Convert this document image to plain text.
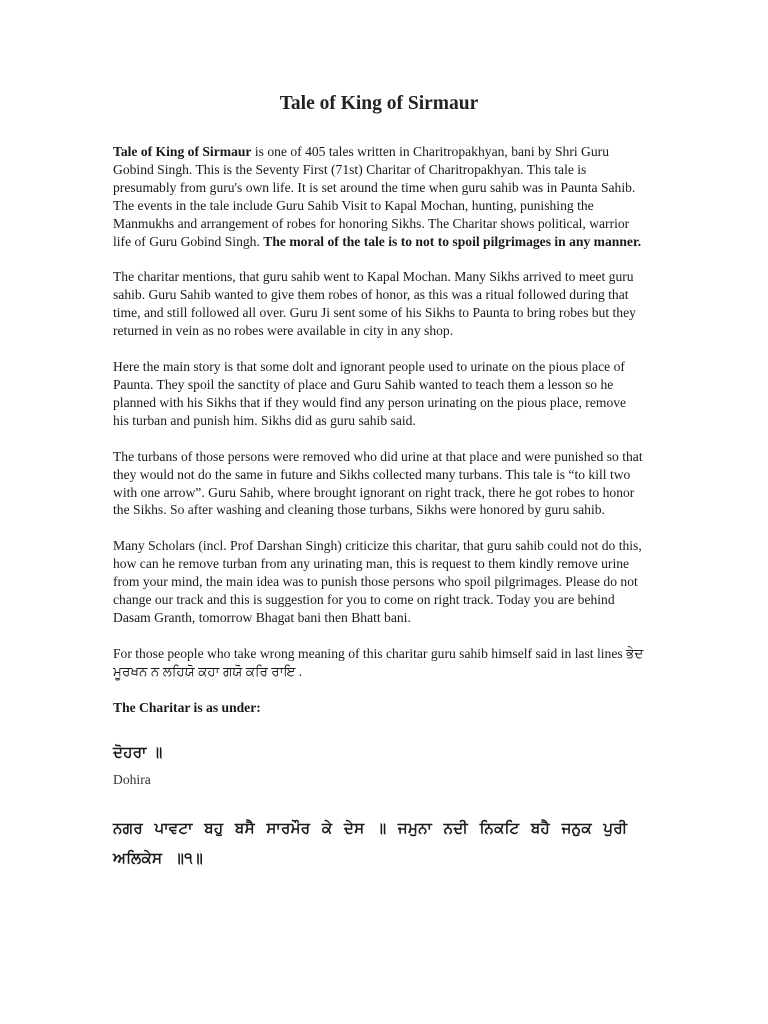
Tale of King of Sirmaur

Tale of King of Sirmaur is one of 405 tales written in Charitropakhyan, bani by Shri Guru Gobind Singh. This is the Seventy First (71st) Charitar of Charitropakhyan. This tale is presumably from guru's own life. It is set around the time when guru sahib was in Paunta Sahib. The events in the tale include Guru Sahib Visit to Kapal Mochan, hunting, punishing the Manmukhs and arrangement of robes for honoring Sikhs. The Charitar shows political, warrior life of Guru Gobind Singh. The moral of the tale is to not to spoil pilgrimages in any manner.

The charitar mentions, that guru sahib went to Kapal Mochan. Many Sikhs arrived to meet guru sahib. Guru Sahib wanted to give them robes of honor, as this was a ritual followed during that time, and still followed all over. Guru Ji sent some of his Sikhs to Paunta to bring robes but they returned in vein as no robes were available in city in any shop.

Here the main story is that some dolt and ignorant people used to urinate on the pious place of Paunta. They spoil the sanctity of place and Guru Sahib wanted to teach them a lesson so he planned with his Sikhs that if they would find any person urinating on the pious place, remove his turban and punish him. Sikhs did as guru sahib said.

The turbans of those persons were removed who did urine at that place and were punished so that they would not do the same in future and Sikhs collected many turbans. This tale is “to kill two with one arrow”. Guru Sahib, where brought ignorant on right track, there he got robes to honor the Sikhs. So after washing and cleaning those turbans, Sikhs were honored by guru sahib.

Many Scholars (incl. Prof Darshan Singh) criticize this charitar, that guru sahib could not do this, how can he remove turban from any urinating man, this is request to them kindly remove urine from your mind, the main idea was to punish those persons who spoil pilgrimages. Please do not change our track and this is suggestion for you to come on right track. Today you are behind Dasam Granth, tomorrow Bhagat bani then Bhatt bani.

For those people who take wrong meaning of this charitar guru sahib himself said in last lines ਭੇਦ ਮੂਰਖਨ ਨ ਲਹਿਯੋ ਕਹਾ ਗਯੋ ਕਰਿ ਰਾਇ .

The Charitar is as under:

ਦੋਹਰਾ ॥

Dohira

ਨਗਰ ਪਾਵਟਾ ਬਹੁ ਬਸੈ ਸਾਰਮੌਰ ਕੇ ਦੇਸ ॥ ਜਮੁਨਾ ਨਦੀ ਨਿਕਟਿ ਬਹੈ ਜਨੁਕ ਪੁਰੀ ਅਲਿਕੇਸ ॥੧॥
